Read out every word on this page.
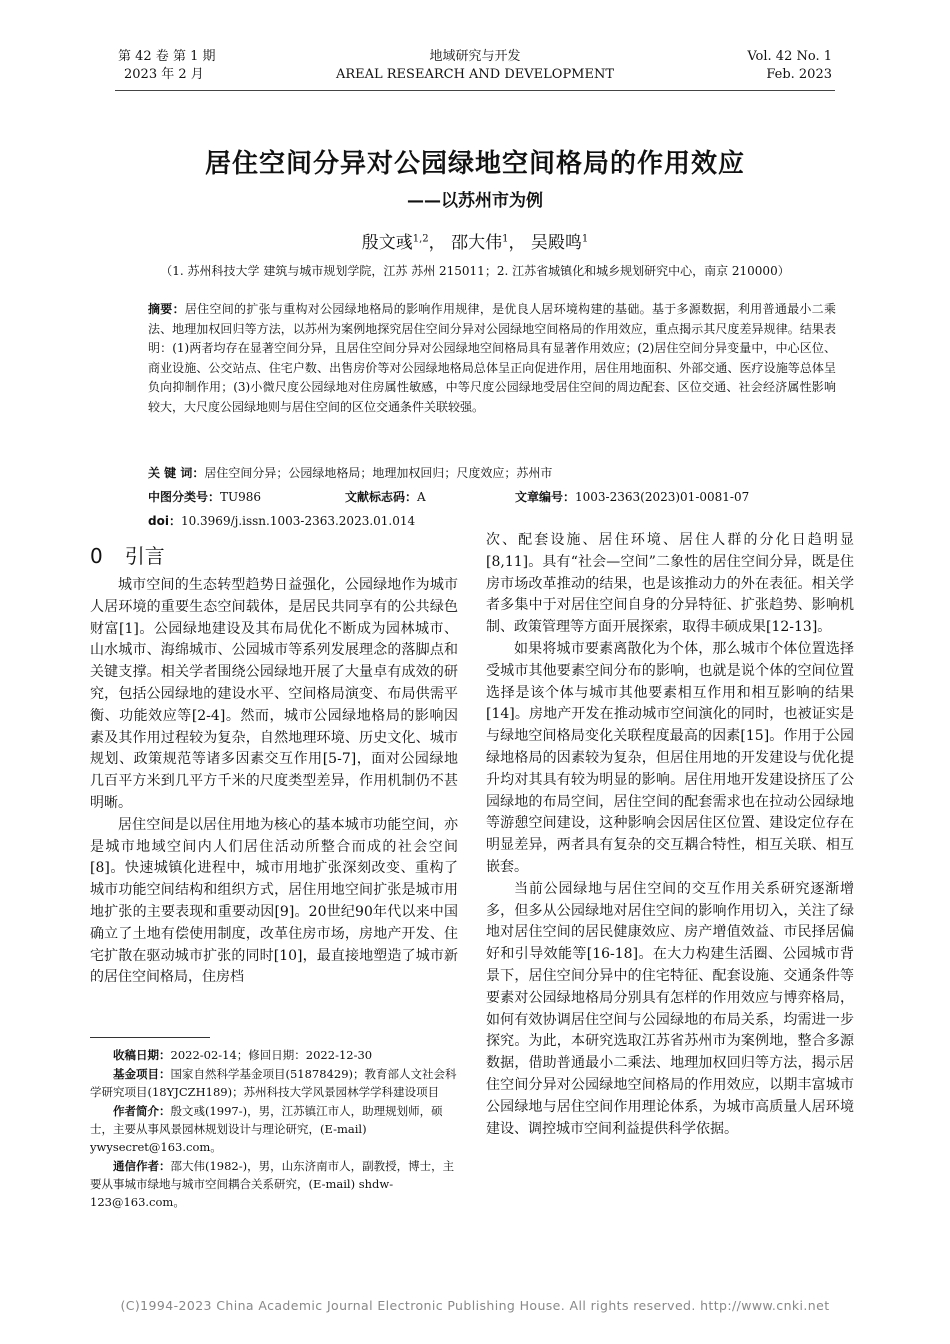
第 42 卷 第 1 期
2023 年 2 月
地域研究与开发
AREAL RESEARCH AND DEVELOPMENT
Vol. 42 No. 1
Feb. 2023
居住空间分异对公园绿地空间格局的作用效应
——以苏州市为例
殷文彧$^{1,2}$， 邵大伟$^1$， 吴殿鸣$^1$
（1. 苏州科技大学 建筑与城市规划学院，江苏 苏州 215011；2. 江苏省城镇化和城乡规划研究中心，南京 210000）
摘要：居住空间的扩张与重构对公园绿地格局的影响作用规律，是优良人居环境构建的基础。基于多源数据，利用普通最小二乘法、地理加权回归等方法，以苏州为案例地探究居住空间分异对公园绿地空间格局的作用效应，重点揭示其尺度差异规律。结果表明：(1)两者均存在显著空间分异，且居住空间分异对公园绿地空间格局具有显著作用效应；(2)居住空间分异变量中，中心区位、商业设施、公交站点、住宅户数、出售房价等对公园绿地格局总体呈正向促进作用，居住用地面积、外部交通、医疗设施等总体呈负向抑制作用；(3)小微尺度公园绿地对住房属性敏感，中等尺度公园绿地受居住空间的周边配套、区位交通、社会经济属性影响较大，大尺度公园绿地则与居住空间的区位交通条件关联较强。
关 键 词：居住空间分异；公园绿地格局；地理加权回归；尺度效应；苏州市
中图分类号：TU986	文献标志码：A	文章编号：1003-2363(2023)01-0081-07
doi：10.3969/j.issn.1003-2363.2023.01.014
0 引言

城市空间的生态转型趋势日益强化，公园绿地作为城市人居环境的重要生态空间载体，是居民共同享有的公共绿色财富[1]。公园绿地建设及其布局优化不断成为园林城市、山水城市、海绵城市、公园城市等系列发展理念的落脚点和关键支撑。相关学者围绕公园绿地开展了大量卓有成效的研究，包括公园绿地的建设水平、空间格局演变、布局供需平衡、功能效应等[2-4]。然而，城市公园绿地格局的影响因素及其作用过程较为复杂，自然地理环境、历史文化、城市规划、政策规范等诸多因素交互作用[5-7]，面对公园绿地几百平方米到几平方千米的尺度类型差异，作用机制仍不甚明晰。

居住空间是以居住用地为核心的基本城市功能空间，亦是城市地域空间内人们居住活动所整合而成的社会空间[8]。快速城镇化进程中，城市用地扩张深刻改变、重构了城市功能空间结构和组织方式，居住用地空间扩张是城市用地扩张的主要表现和重要动因[9]。20世纪90年代以来中国确立了土地有偿使用制度，改革住房市场，房地产开发、住宅扩散在驱动城市扩张的同时[10]，最直接地塑造了城市新的居住空间格局，住房档

次、配套设施、居住环境、居住人群的分化日趋明显[8,11]。具有“社会—空间”二象性的居住空间分异，既是住房市场改革推动的结果，也是该推动力的外在表征。相关学者多集中于对居住空间自身的分异特征、扩张趋势、影响机制、政策管理等方面开展探索，取得丰硕成果[12-13]。

如果将城市要素离散化为个体，那么城市个体位置选择受城市其他要素空间分布的影响，也就是说个体的空间位置选择是该个体与城市其他要素相互作用和相互影响的结果[14]。房地产开发在推动城市空间演化的同时，也被证实是与绿地空间格局变化关联程度最高的因素[15]。作用于公园绿地格局的因素较为复杂，但居住用地的开发建设与优化提升均对其具有较为明显的影响。居住用地开发建设挤压了公园绿地的布局空间，居住空间的配套需求也在拉动公园绿地等游憩空间建设，这种影响会因居住区位置、建设定位存在明显差异，两者具有复杂的交互耦合特性，相互关联、相互嵌套。

当前公园绿地与居住空间的交互作用关系研究逐渐增多，但多从公园绿地对居住空间的影响作用切入，关注了绿地对居住空间的居民健康效应、房产增值效益、市民择居偏好和引导效能等[16-18]。在大力构建生活圈、公园城市背景下，居住空间分异中的住宅特征、配套设施、交通条件等要素对公园绿地格局分别具有怎样的作用效应与博弈格局，如何有效协调居住空间与公园绿地的布局关系，均需进一步探究。为此，本研究选取江苏省苏州市为案例地，整合多源数据，借助普通最小二乘法、地理加权回归等方法，揭示居住空间分异对公园绿地空间格局的作用效应，以期丰富城市公园绿地与居住空间作用理论体系，为城市高质量人居环境建设、调控城市空间利益提供科学依据。

收稿日期：2022-02-14；修回日期：2022-12-30

基金项目：国家自然科学基金项目(51878429)；教育部人文社会科学研究项目(18YJCZH189)；苏州科技大学风景园林学学科建设项目

作者简介：殷文彧(1997-)，男，江苏镇江市人，助理规划师，硕士，主要从事风景园林规划设计与理论研究，(E-mail) ywysecret@163.com。

通信作者：邵大伟(1982-)，男，山东济南市人，副教授，博士，主要从事城市绿地与城市空间耦合关系研究，(E-mail) shdw-123@163.com。

(C)1994-2023 China Academic Journal Electronic Publishing House. All rights reserved. http://www.cnki.net
